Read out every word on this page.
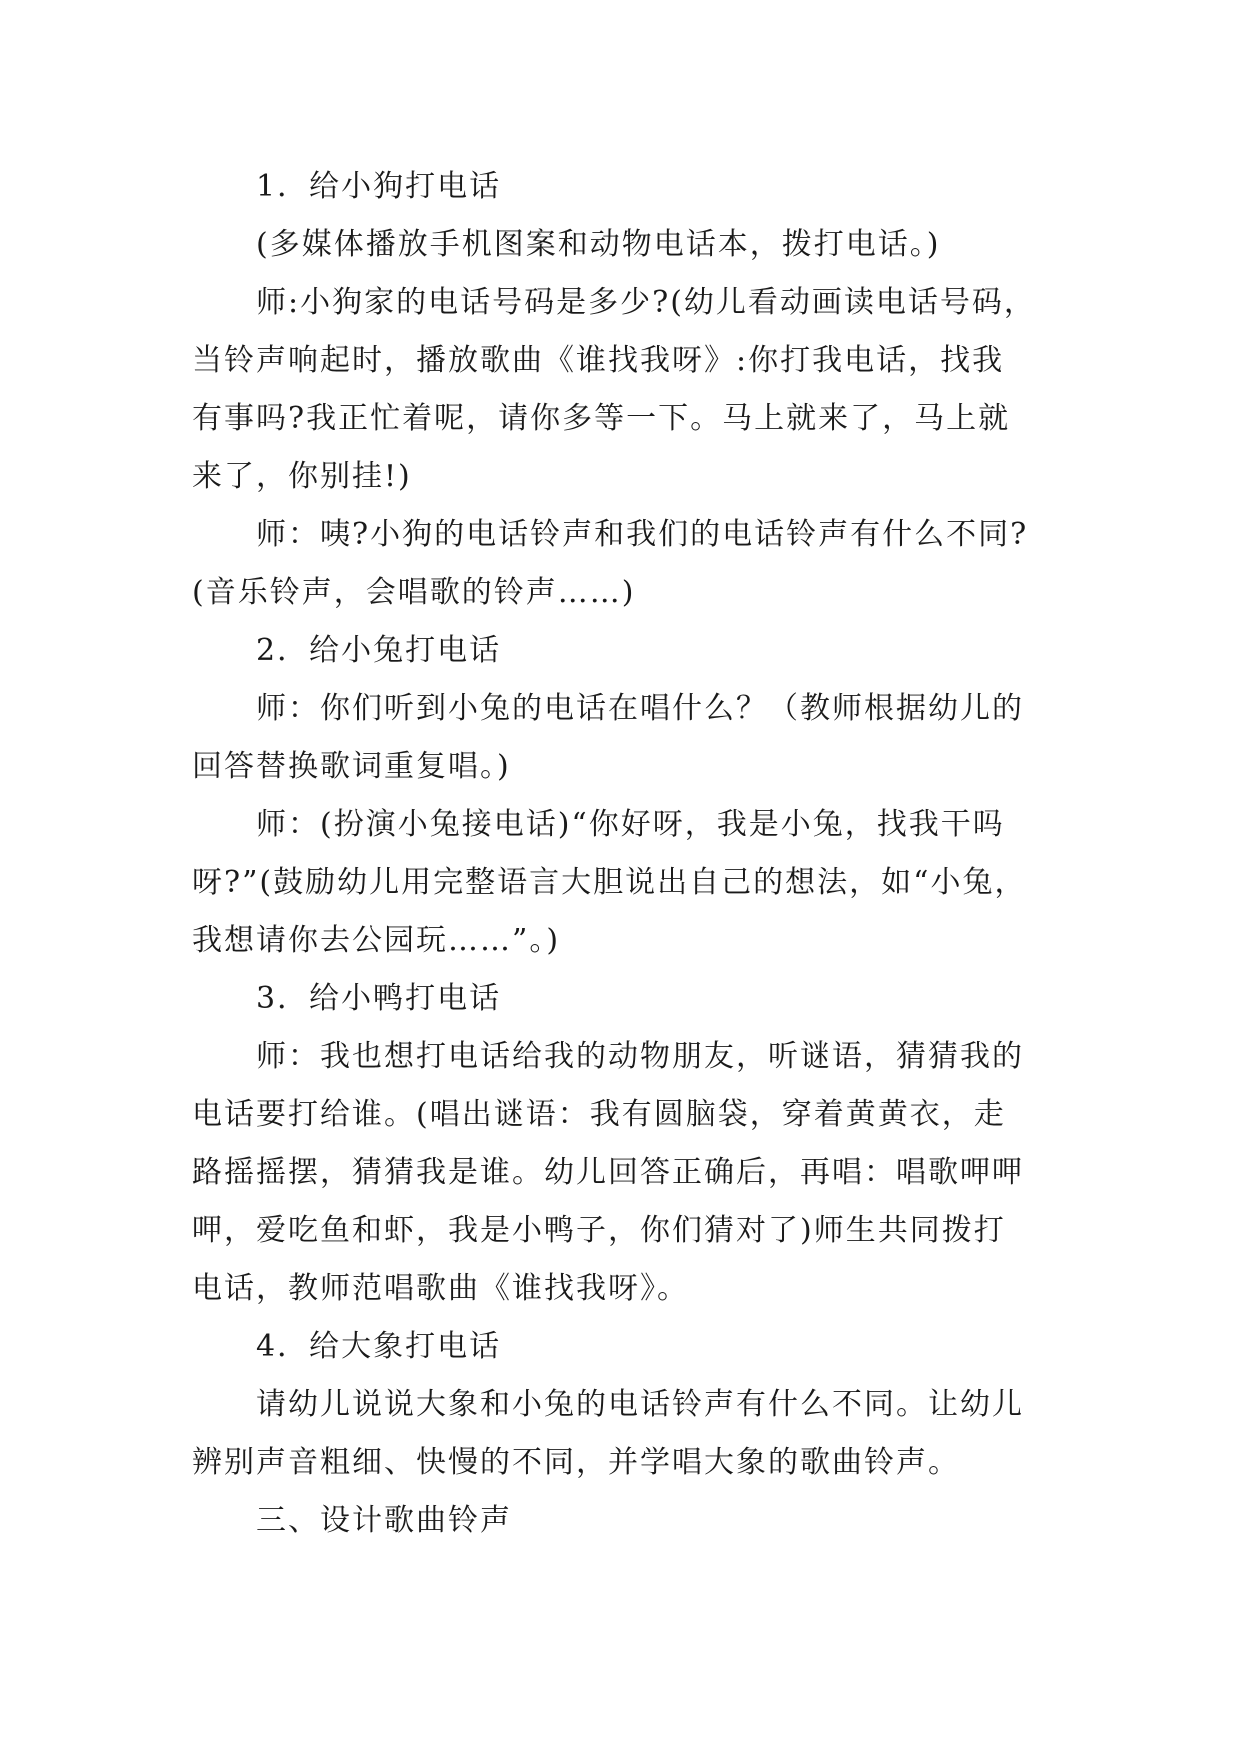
1．给小狗打电话
(多媒体播放手机图案和动物电话本，拨打电话。)
师:小狗家的电话号码是多少?(幼儿看动画读电话号码，
当铃声响起时，播放歌曲《谁找我呀》:你打我电话，找我
有事吗?我正忙着呢，请你多等一下。马上就来了，马上就
来了，你别挂!)
师：咦?小狗的电话铃声和我们的电话铃声有什么不同?
(音乐铃声，会唱歌的铃声……)
2．给小兔打电话
师：你们听到小兔的电话在唱什么？（教师根据幼儿的
回答替换歌词重复唱。)
师：(扮演小兔接电话)“你好呀，我是小兔，找我干吗
呀?”(鼓励幼儿用完整语言大胆说出自己的想法，如“小兔，
我想请你去公园玩……”。)
3．给小鸭打电话
师：我也想打电话给我的动物朋友，听谜语，猜猜我的
电话要打给谁。(唱出谜语：我有圆脑袋，穿着黄黄衣，走
路摇摇摆，猜猜我是谁。幼儿回答正确后，再唱：唱歌呷呷
呷，爱吃鱼和虾，我是小鸭子，你们猜对了)师生共同拨打
电话，教师范唱歌曲《谁找我呀》。
4．给大象打电话
请幼儿说说大象和小兔的电话铃声有什么不同。让幼儿
辨别声音粗细、快慢的不同，并学唱大象的歌曲铃声。
三、设计歌曲铃声
